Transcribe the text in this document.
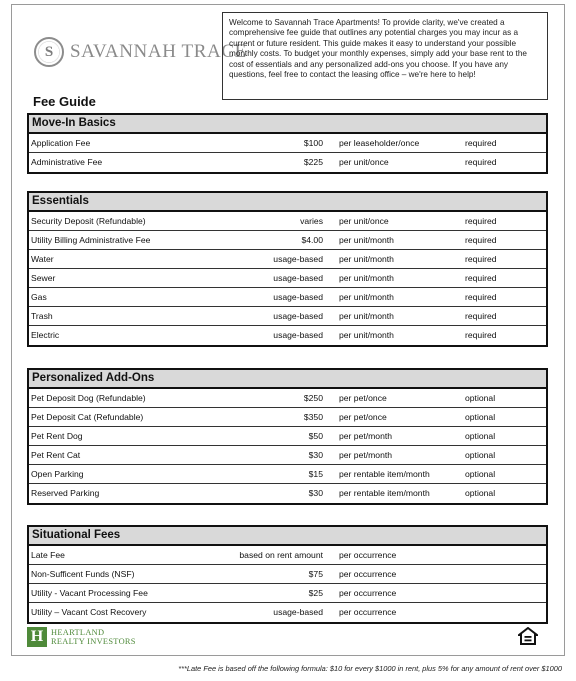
S SAVANNAH TRACE
Welcome to Savannah Trace Apartments! To provide clarity, we've created a comprehensive fee guide that outlines any potential charges you may incur as a current or future resident. This guide makes it easy to understand your possible monthly costs. To budget your monthly expenses, simply add your base rent to the cost of essentials and any personalized add-ons you choose. If you have any questions, feel free to contact the leasing office – we're here to help!
Fee Guide
Move-In Basics
Application Fee	$100 per leaseholder/once	required
Administrative Fee	$225 per unit/once	required
Essentials
Security Deposit (Refundable)	varies per unit/once	required
Utility Billing Administrative Fee	$4.00 per unit/month	required
Water	usage-based per unit/month	required
Sewer	usage-based per unit/month	required
Gas	usage-based per unit/month	required
Trash	usage-based per unit/month	required
Electric	usage-based per unit/month	required
Personalized Add-Ons
Pet Deposit Dog (Refundable)	$250 per pet/once	optional
Pet Deposit Cat (Refundable)	$350 per pet/once	optional
Pet Rent Dog	$50 per pet/month	optional
Pet Rent Cat	$30 per pet/month	optional
Open Parking	$15 per rentable item/month	optional
Reserved Parking	$30 per rentable item/month	optional
Situational Fees
Late Fee	based on rent amount per occurrence
Non-Sufficent Funds (NSF)	$75 per occurrence
Utility - Vacant Processing Fee	$25 per occurrence
Utility – Vacant Cost Recovery	usage-based per occurrence
H HEARTLAND
REALTY INVESTORS
***Late Fee is based off the following formula: $10 for every $1000 in rent, plus 5% for any amount of rent over $1000
